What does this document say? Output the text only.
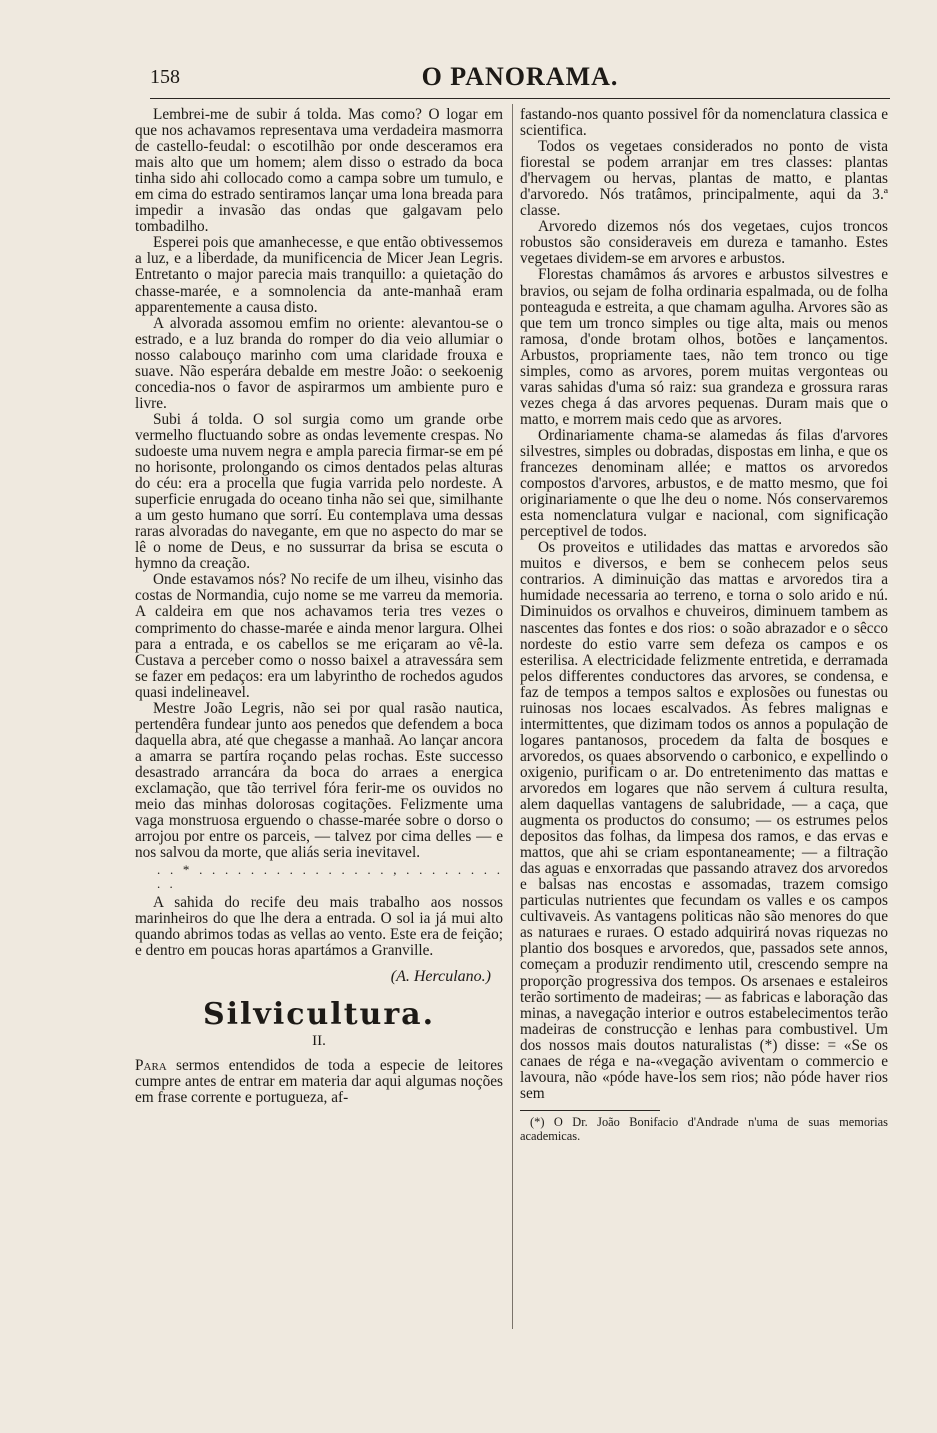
158	O PANORAMA.

Lembrei-me de subir á tolda. Mas como? O logar em que nos achavamos representava uma verdadeira masmorra de castello-feudal: o escotilhão por onde desceramos era mais alto que um homem; alem disso o estrado da boca tinha sido ahi collocado como a campa sobre um tumulo, e em cima do estrado sentiramos lançar uma lona breada para impedir a invasão das ondas que galgavam pelo tombadilho.

Esperei pois que amanhecesse, e que então obtivessemos a luz, e a liberdade, da munificencia de Micer Jean Legris. Entretanto o major parecia mais tranquillo: a quietação do chasse-marée, e a somnolencia da ante-manhaã eram apparentemente a causa disto.

A alvorada assomou emfim no oriente: alevantou-se o estrado, e a luz branda do romper do dia veio allumiar o nosso calabouço marinho com uma claridade frouxa e suave. Não esperára debalde em mestre João: o seekoenig concedia-nos o favor de aspirarmos um ambiente puro e livre.

Subi á tolda. O sol surgia como um grande orbe vermelho fluctuando sobre as ondas levemente crespas. No sudoeste uma nuvem negra e ampla parecia firmar-se em pé no horisonte, prolongando os cimos dentados pelas alturas do céu: era a procella que fugia varrida pelo nordeste. A superficie enrugada do oceano tinha não sei que, similhante a um gesto humano que sorrí. Eu contemplava uma dessas raras alvoradas do navegante, em que no aspecto do mar se lê o nome de Deus, e no sussurrar da brisa se escuta o hymno da creação.

Onde estavamos nós? No recife de um ilheu, visinho das costas de Normandia, cujo nome se me varreu da memoria. A caldeira em que nos achavamos teria tres vezes o comprimento do chasse-marée e ainda menor largura. Olhei para a entrada, e os cabellos se me eriçaram ao vê-la. Custava a perceber como o nosso baixel a atravessára sem se fazer em pedaços: era um labyrintho de rochedos agudos quasi indelineavel.

Mestre João Legris, não sei por qual rasão nautica, pertendêra fundear junto aos penedos que defendem a boca daquella abra, até que chegasse a manhaã. Ao lançar ancora a amarra se partíra roçando pelas rochas. Este successo desastrado arrancára da boca do arraes a energica exclamação, que tão terrivel fóra ferir-me os ouvidos no meio das minhas dolorosas cogitações. Felizmente uma vaga monstruosa erguendo o chasse-marée sobre o dorso o arrojou por entre os parceis, — talvez por cima delles — e nos salvou da morte, que aliás seria inevitavel.

. . * . . . . . . . . . . . . . . . , . . . . . . . . . .

A sahida do recife deu mais trabalho aos nossos marinheiros do que lhe dera a entrada. O sol ia já mui alto quando abrimos todas as vellas ao vento. Este era de feição; e dentro em poucas horas apartámos a Granville.

(A. Herculano.)
Silvicultura.
II.

Para sermos entendidos de toda a especie de leitores cumpre antes de entrar em materia dar aqui algumas noções em frase corrente e portugueza, af-

fastando-nos quanto possivel fôr da nomenclatura classica e scientifica.

Todos os vegetaes considerados no ponto de vista fiorestal se podem arranjar em tres classes: plantas d'hervagem ou hervas, plantas de matto, e plantas d'arvoredo. Nós tratâmos, principalmente, aqui da 3.ª classe.

Arvoredo dizemos nós dos vegetaes, cujos troncos robustos são consideraveis em dureza e tamanho. Estes vegetaes dividem-se em arvores e arbustos.

Florestas chamâmos ás arvores e arbustos silvestres e bravios, ou sejam de folha ordinaria espalmada, ou de folha ponteaguda e estreita, a que chamam agulha. Arvores são as que tem um tronco simples ou tige alta, mais ou menos ramosa, d'onde brotam olhos, botões e lançamentos. Arbustos, propriamente taes, não tem tronco ou tige simples, como as arvores, porem muitas vergonteas ou varas sahidas d'uma só raiz: sua grandeza e grossura raras vezes chega á das arvores pequenas. Duram mais que o matto, e morrem mais cedo que as arvores.

Ordinariamente chama-se alamedas ás filas d'arvores silvestres, simples ou dobradas, dispostas em linha, e que os francezes denominam allée; e mattos os arvoredos compostos d'arvores, arbustos, e de matto mesmo, que foi originariamente o que lhe deu o nome. Nós conservaremos esta nomenclatura vulgar e nacional, com significação perceptivel de todos.

Os proveitos e utilidades das mattas e arvoredos são muitos e diversos, e bem se conhecem pelos seus contrarios. A diminuição das mattas e arvoredos tira a humidade necessaria ao terreno, e torna o solo arido e nú. Diminuidos os orvalhos e chuveiros, diminuem tambem as nascentes das fontes e dos rios: o soão abrazador e o sêcco nordeste do estio varre sem defeza os campos e os esterilisa. A electricidade felizmente entretida, e derramada pelos differentes conductores das arvores, se condensa, e faz de tempos a tempos saltos e explosões ou funestas ou ruinosas nos locaes escalvados. As febres malignas e intermittentes, que dizimam todos os annos a população de logares pantanosos, procedem da falta de bosques e arvoredos, os quaes absorvendo o carbonico, e expellindo o oxigenio, purificam o ar. Do entretenimento das mattas e arvoredos em logares que não servem á cultura resulta, alem daquellas vantagens de salubridade, — a caça, que augmenta os productos do consumo; — os estrumes pelos depositos das folhas, da limpesa dos ramos, e das ervas e mattos, que ahi se criam espontaneamente; — a filtração das aguas e enxorradas que passando atravez dos arvoredos e balsas nas encostas e assomadas, trazem comsigo particulas nutrientes que fecundam os valles e os campos cultivaveis. As vantagens politicas não são menores do que as naturaes e ruraes. O estado adquirirá novas riquezas no plantio dos bosques e arvoredos, que, passados sete annos, começam a produzir rendimento util, crescendo sempre na proporção progressiva dos tempos. Os arsenaes e estaleiros terão sortimento de madeiras; — as fabricas e laboração das minas, a navegação interior e outros estabelecimentos terão madeiras de construcção e lenhas para combustivel. Um dos nossos mais doutos naturalistas (*) disse: = «Se os canaes de réga e na-«vegação aviventam o commercio e lavoura, não «póde have-los sem rios; não póde haver rios sem

(*) O Dr. João Bonifacio d'Andrade n'uma de suas memorias academicas.
